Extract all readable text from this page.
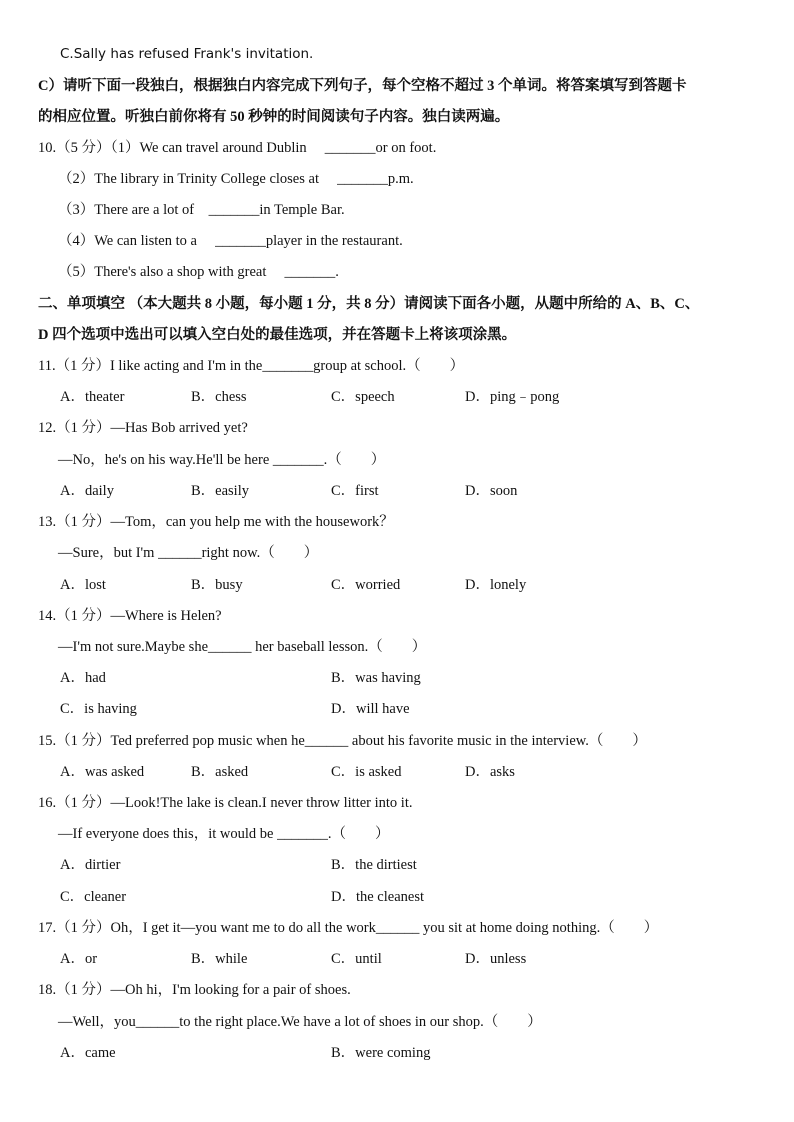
C.Sally has refused Frank's invitation.
C）请听下面一段独白，根据独白内容完成下列句子，每个空格不超过 3 个单词。将答案填写到答题卡
的相应位置。听独白前你将有 50 秒钟的时间阅读句子内容。独白读两遍。
10.（5 分）（1）We can travel around Dublin　 _______or on foot.
（2）The library in Trinity College closes at　 _______p.m.
（3）There are a lot of　_______in Temple Bar.
（4）We can listen to a　 _______player in the restaurant.
（5）There's also a shop with great　 _______.
二、单项填空 （本大题共 8 小题，每小题 1 分，共 8 分）请阅读下面各小题，从题中所给的 A、B、C、
D 四个选项中选出可以填入空白处的最佳选项，并在答题卡上将该项涂黑。
11.（1 分）I like acting and I'm in the_______group at school.（　　）
A．theater	B．chess	C．speech	D．ping﹣pong
12.（1 分）—Has Bob arrived yet?
—No，he's on his way.He'll be here _______.（　　）
A．daily	B．easily	C．first	D．soon
13.（1 分）—Tom，can you help me with the housework？
—Sure，but I'm ______right now.（　　）
A．lost	B．busy	C．worried	D．lonely
14.（1 分）—Where is Helen?
—I'm not sure.Maybe she______ her baseball lesson.（　　）
A．had	B．was having
C．is having	D．will have
15.（1 分）Ted preferred pop music when he______ about his favorite music in the interview.（　　）
A．was asked	B．asked	C．is asked	D．asks
16.（1 分）—Look!The lake is clean.I never throw litter into it.
—If everyone does this，it would be _______.（　　）
A．dirtier	B．the dirtiest
C．cleaner	D．the cleanest
17.（1 分）Oh，I get it—you want me to do all the work______ you sit at home doing nothing.（　　）
A．or	B．while	C．until	D．unless
18.（1 分）—Oh hi，I'm looking for a pair of shoes.
—Well，you______to the right place.We have a lot of shoes in our shop.（　　）
A．came	B．were coming
